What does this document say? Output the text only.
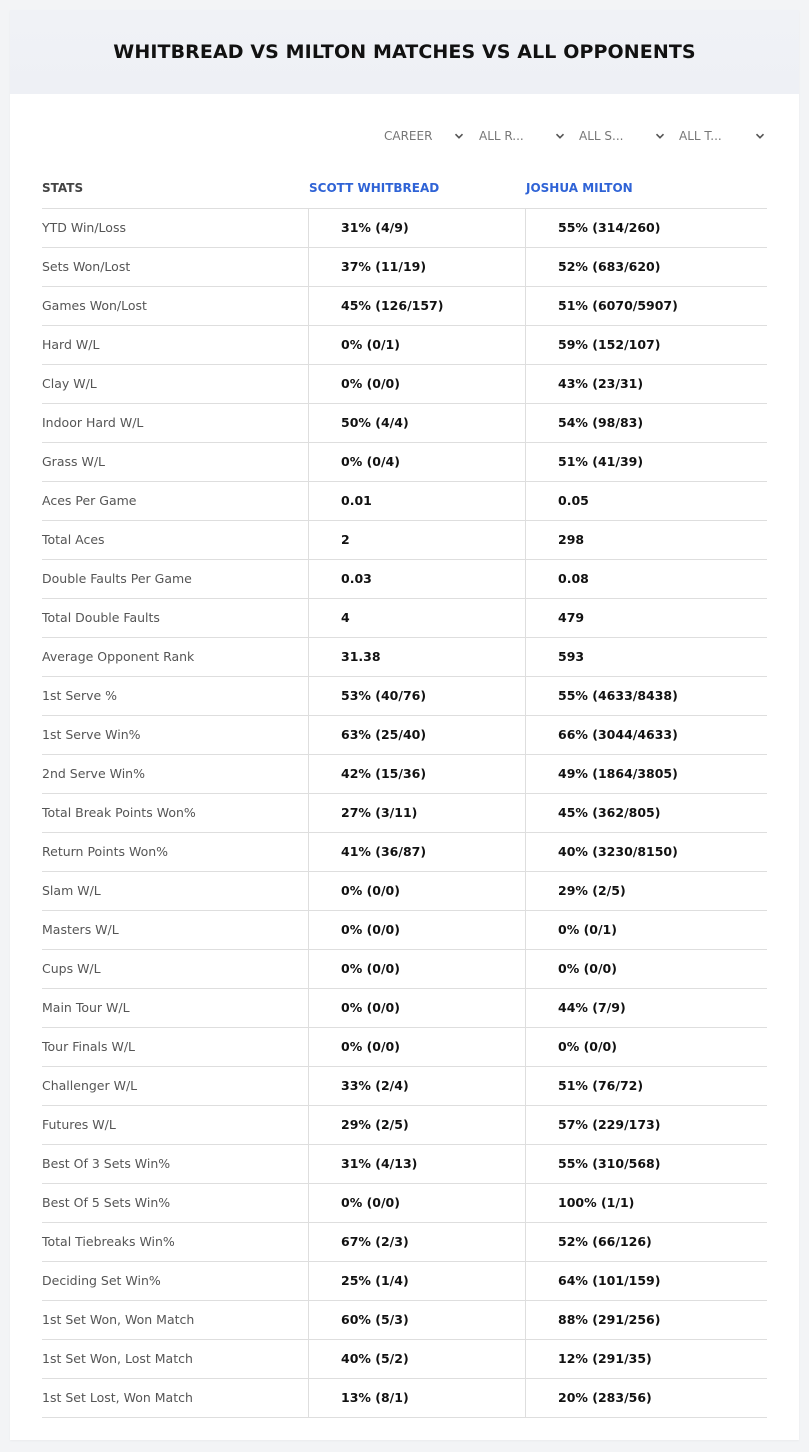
WHITBREAD VS MILTON MATCHES VS ALL OPPONENTS
CAREER	ALL R...	ALL S...	ALL T...
STATS	SCOTT WHITBREAD	JOSHUA MILTON
YTD Win/Loss	31% (4/9)	55% (314/260)
Sets Won/Lost	37% (11/19)	52% (683/620)
Games Won/Lost	45% (126/157)	51% (6070/5907)
Hard W/L	0% (0/1)	59% (152/107)
Clay W/L	0% (0/0)	43% (23/31)
Indoor Hard W/L	50% (4/4)	54% (98/83)
Grass W/L	0% (0/4)	51% (41/39)
Aces Per Game	0.01	0.05
Total Aces	2	298
Double Faults Per Game	0.03	0.08
Total Double Faults	4	479
Average Opponent Rank	31.38	593
1st Serve %	53% (40/76)	55% (4633/8438)
1st Serve Win%	63% (25/40)	66% (3044/4633)
2nd Serve Win%	42% (15/36)	49% (1864/3805)
Total Break Points Won%	27% (3/11)	45% (362/805)
Return Points Won%	41% (36/87)	40% (3230/8150)
Slam W/L	0% (0/0)	29% (2/5)
Masters W/L	0% (0/0)	0% (0/1)
Cups W/L	0% (0/0)	0% (0/0)
Main Tour W/L	0% (0/0)	44% (7/9)
Tour Finals W/L	0% (0/0)	0% (0/0)
Challenger W/L	33% (2/4)	51% (76/72)
Futures W/L	29% (2/5)	57% (229/173)
Best Of 3 Sets Win%	31% (4/13)	55% (310/568)
Best Of 5 Sets Win%	0% (0/0)	100% (1/1)
Total Tiebreaks Win%	67% (2/3)	52% (66/126)
Deciding Set Win%	25% (1/4)	64% (101/159)
1st Set Won, Won Match	60% (5/3)	88% (291/256)
1st Set Won, Lost Match	40% (5/2)	12% (291/35)
1st Set Lost, Won Match	13% (8/1)	20% (283/56)
